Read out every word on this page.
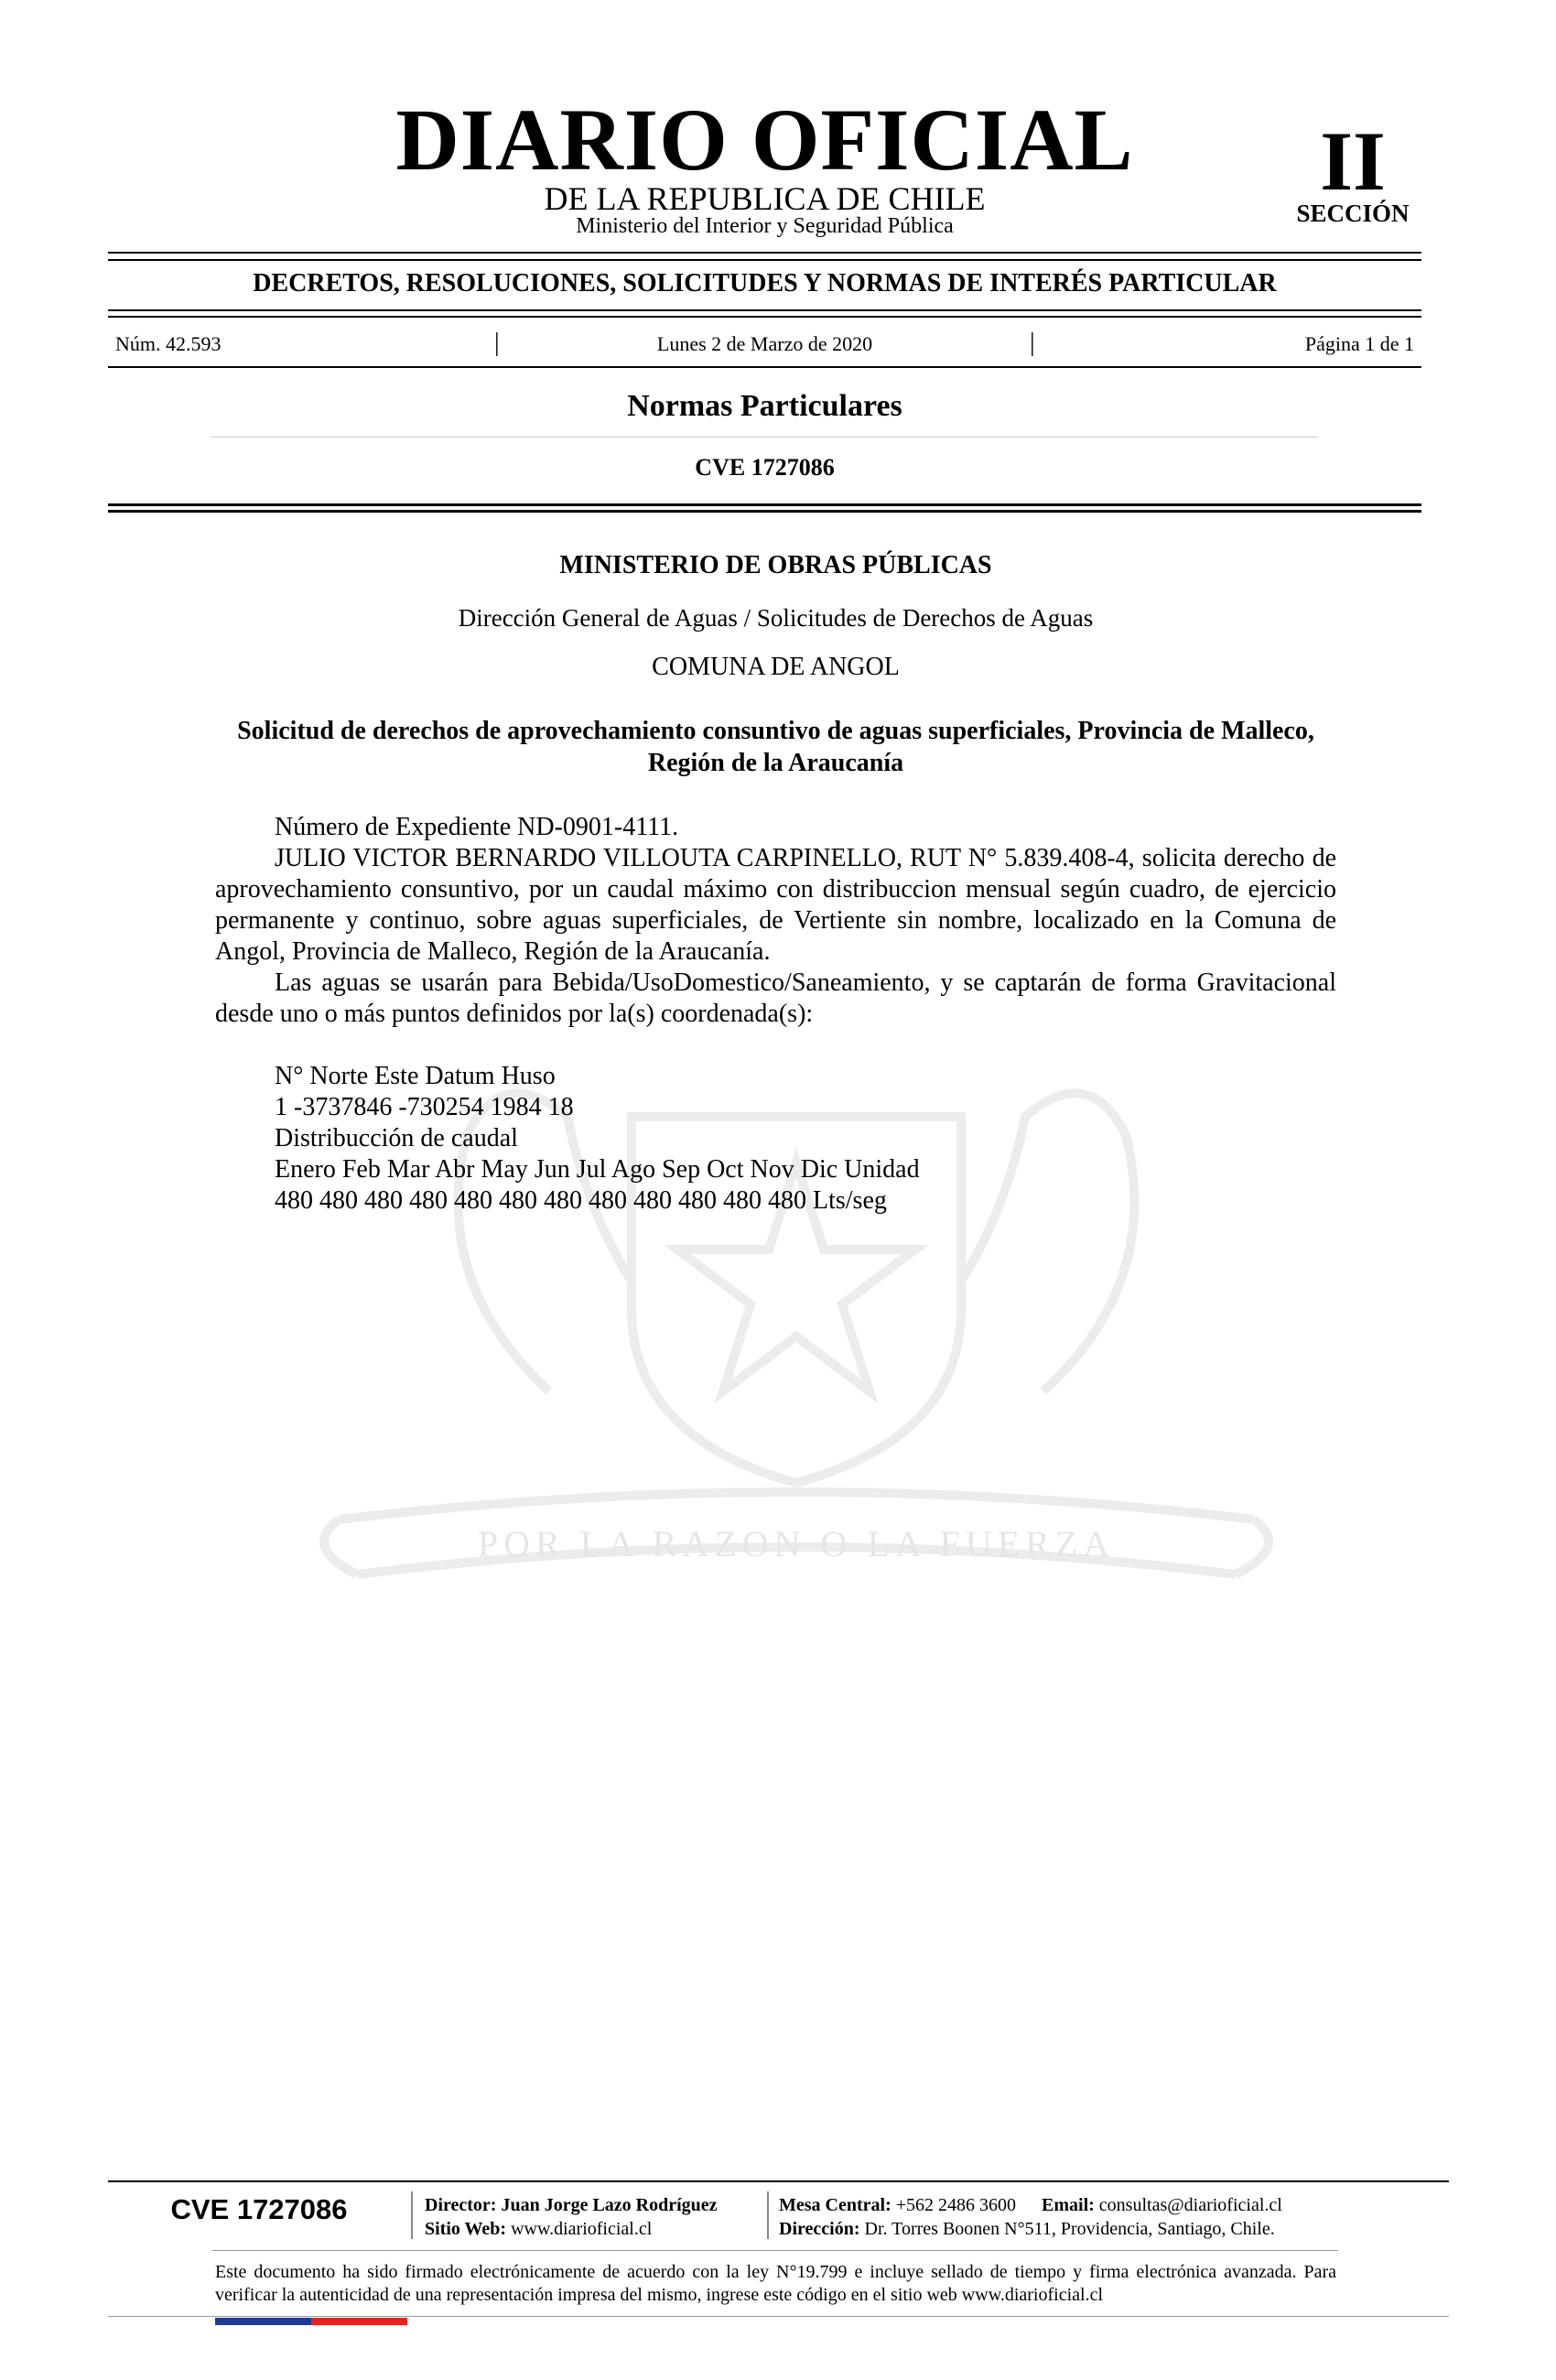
DIARIO OFICIAL
DE LA REPUBLICA DE CHILE
Ministerio del Interior y Seguridad Pública
II
SECCIÓN
DECRETOS, RESOLUCIONES, SOLICITUDES Y NORMAS DE INTERÉS PARTICULAR
Núm. 42.593	|	Lunes 2 de Marzo de 2020	|	Página 1 de 1
Normas Particulares
CVE 1727086
POR LA RAZON O LA FUERZA
MINISTERIO DE OBRAS PÚBLICAS
Dirección General de Aguas / Solicitudes de Derechos de Aguas
COMUNA DE ANGOL
Solicitud de derechos de aprovechamiento consuntivo de aguas superficiales, Provincia de Malleco, Región de la Araucanía

Número de Expediente ND-0901-4111.

JULIO VICTOR BERNARDO VILLOUTA CARPINELLO, RUT N° 5.839.408-4, solicita derecho de aprovechamiento consuntivo, por un caudal máximo con distribuccion mensual según cuadro, de ejercicio permanente y continuo, sobre aguas superficiales, de Vertiente sin nombre, localizado en la Comuna de Angol, Provincia de Malleco, Región de la Araucanía.

Las aguas se usarán para Bebida/UsoDomestico/Saneamiento, y se captarán de forma Gravitacional desde uno o más puntos definidos por la(s) coordenada(s):

N° Norte Este Datum Huso
1 -3737846 -730254 1984 18
Distribucción de caudal
Enero Feb Mar Abr May Jun Jul Ago Sep Oct Nov Dic Unidad
480 480 480 480 480 480 480 480 480 480 480 480 Lts/seg
CVE 1727086	Director: Juan Jorge Lazo Rodríguez
Sitio Web: www.diarioficial.cl
Mesa Central: +562 2486 3600 Email: consultas@diarioficial.cl
Dirección: Dr. Torres Boonen N°511, Providencia, Santiago, Chile.
Este documento ha sido firmado electrónicamente de acuerdo con la ley N°19.799 e incluye sellado de tiempo y firma electrónica avanzada. Para verificar la autenticidad de una representación impresa del mismo, ingrese este código en el sitio web www.diarioficial.cl
